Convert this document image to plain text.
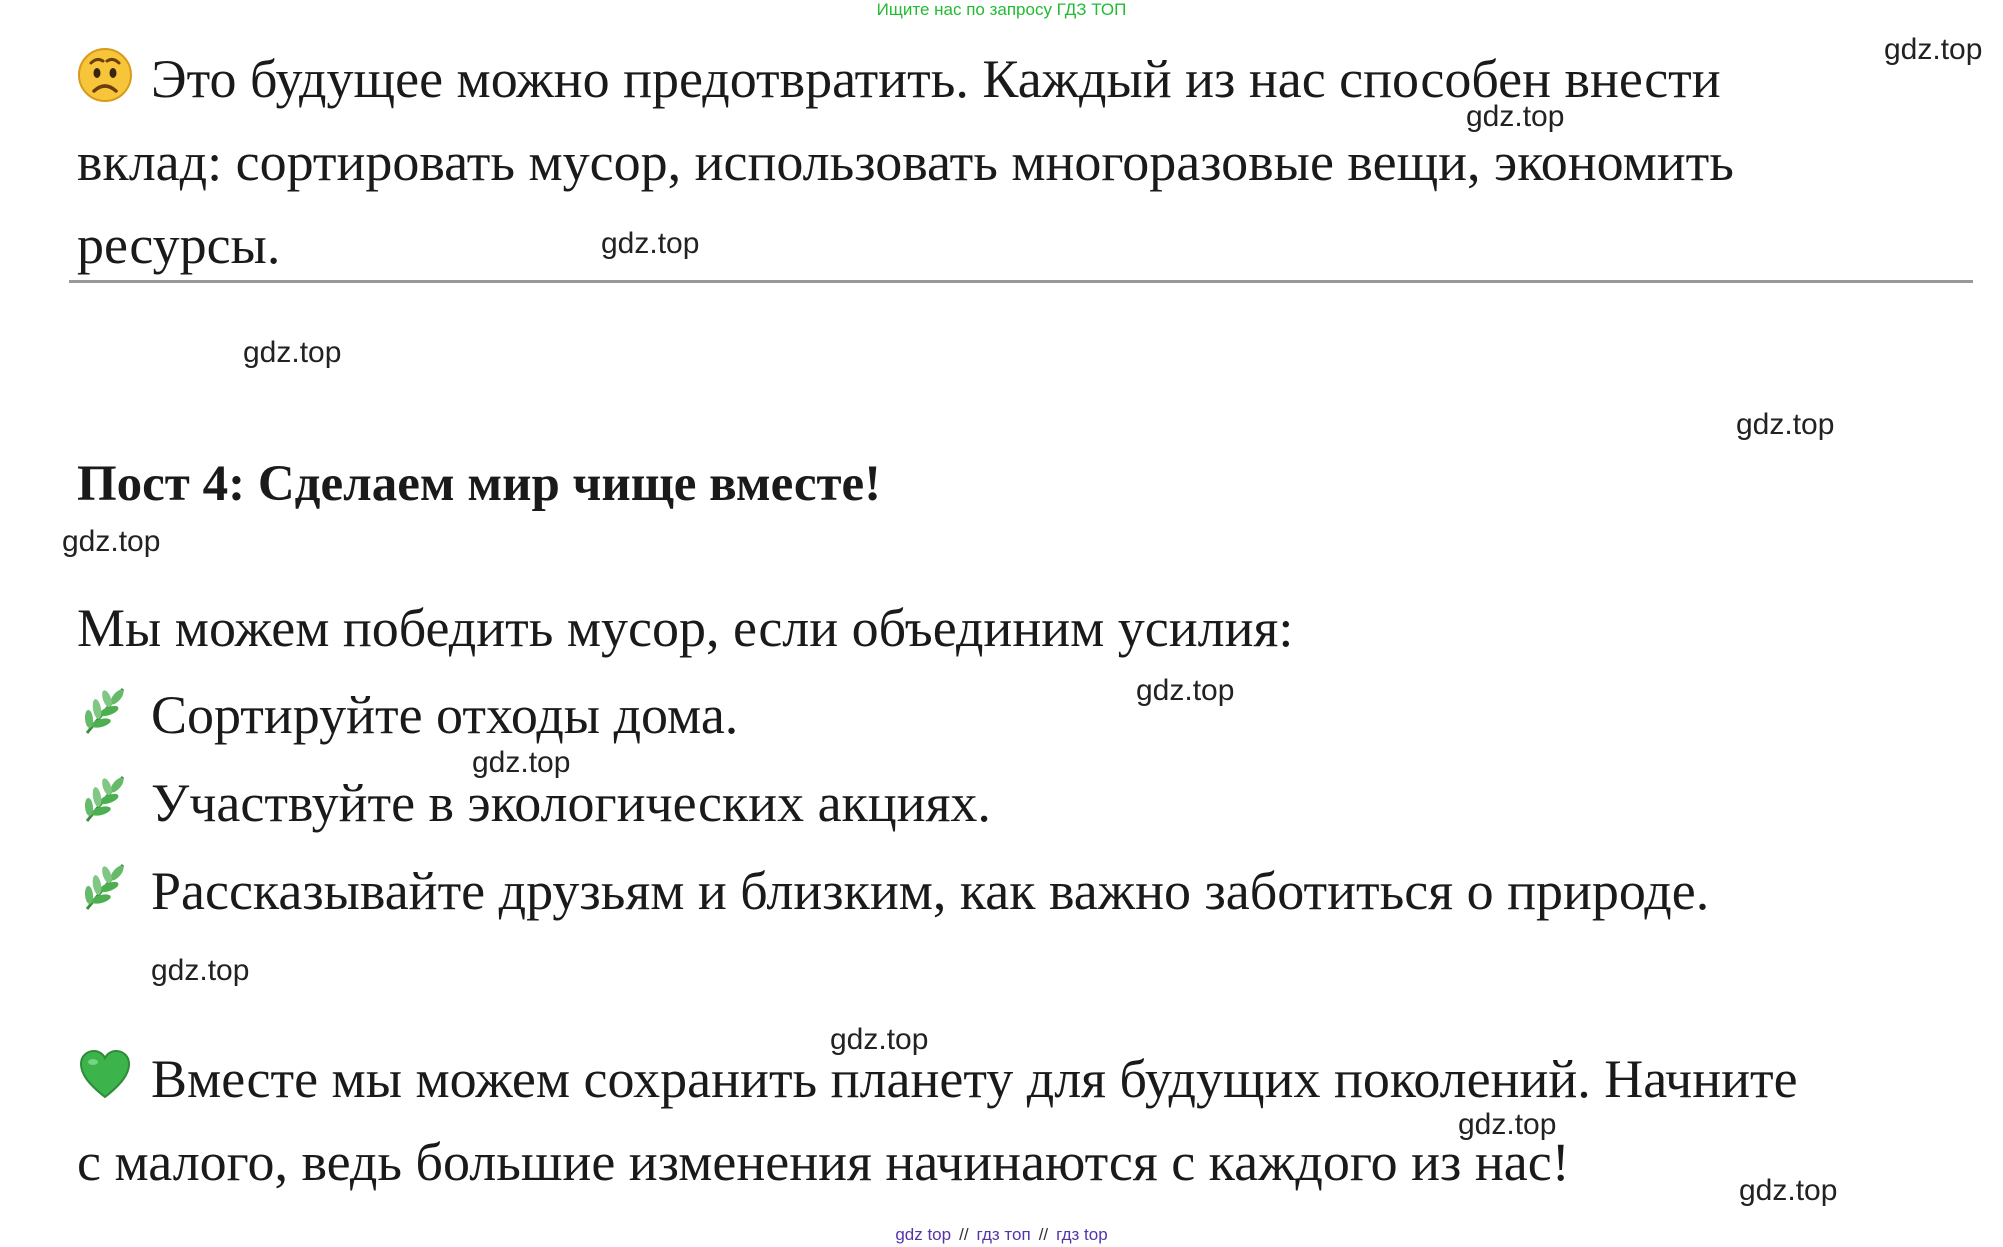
Ищите нас по запросу ГДЗ ТОП
Это будущее можно предотвратить. Каждый из нас способен внести
вклад: сортировать мусор, использовать многоразовые вещи, экономить
ресурсы.
Пост 4: Сделаем мир чище вместе!
Мы можем победить мусор, если объединим усилия:
Сортируйте отходы дома.
Участвуйте в экологических акциях.
Рассказывайте друзьям и близким, как важно заботиться о природе.
Вместе мы можем сохранить планету для будущих поколений. Начните
с малого, ведь большие изменения начинаются с каждого из нас!
gdz.top
gdz.top
gdz.top
gdz.top
gdz.top
gdz.top
gdz.top
gdz.top
gdz.top
gdz.top
gdz.top
gdz.top
gdz top // гдз топ // гдз top
